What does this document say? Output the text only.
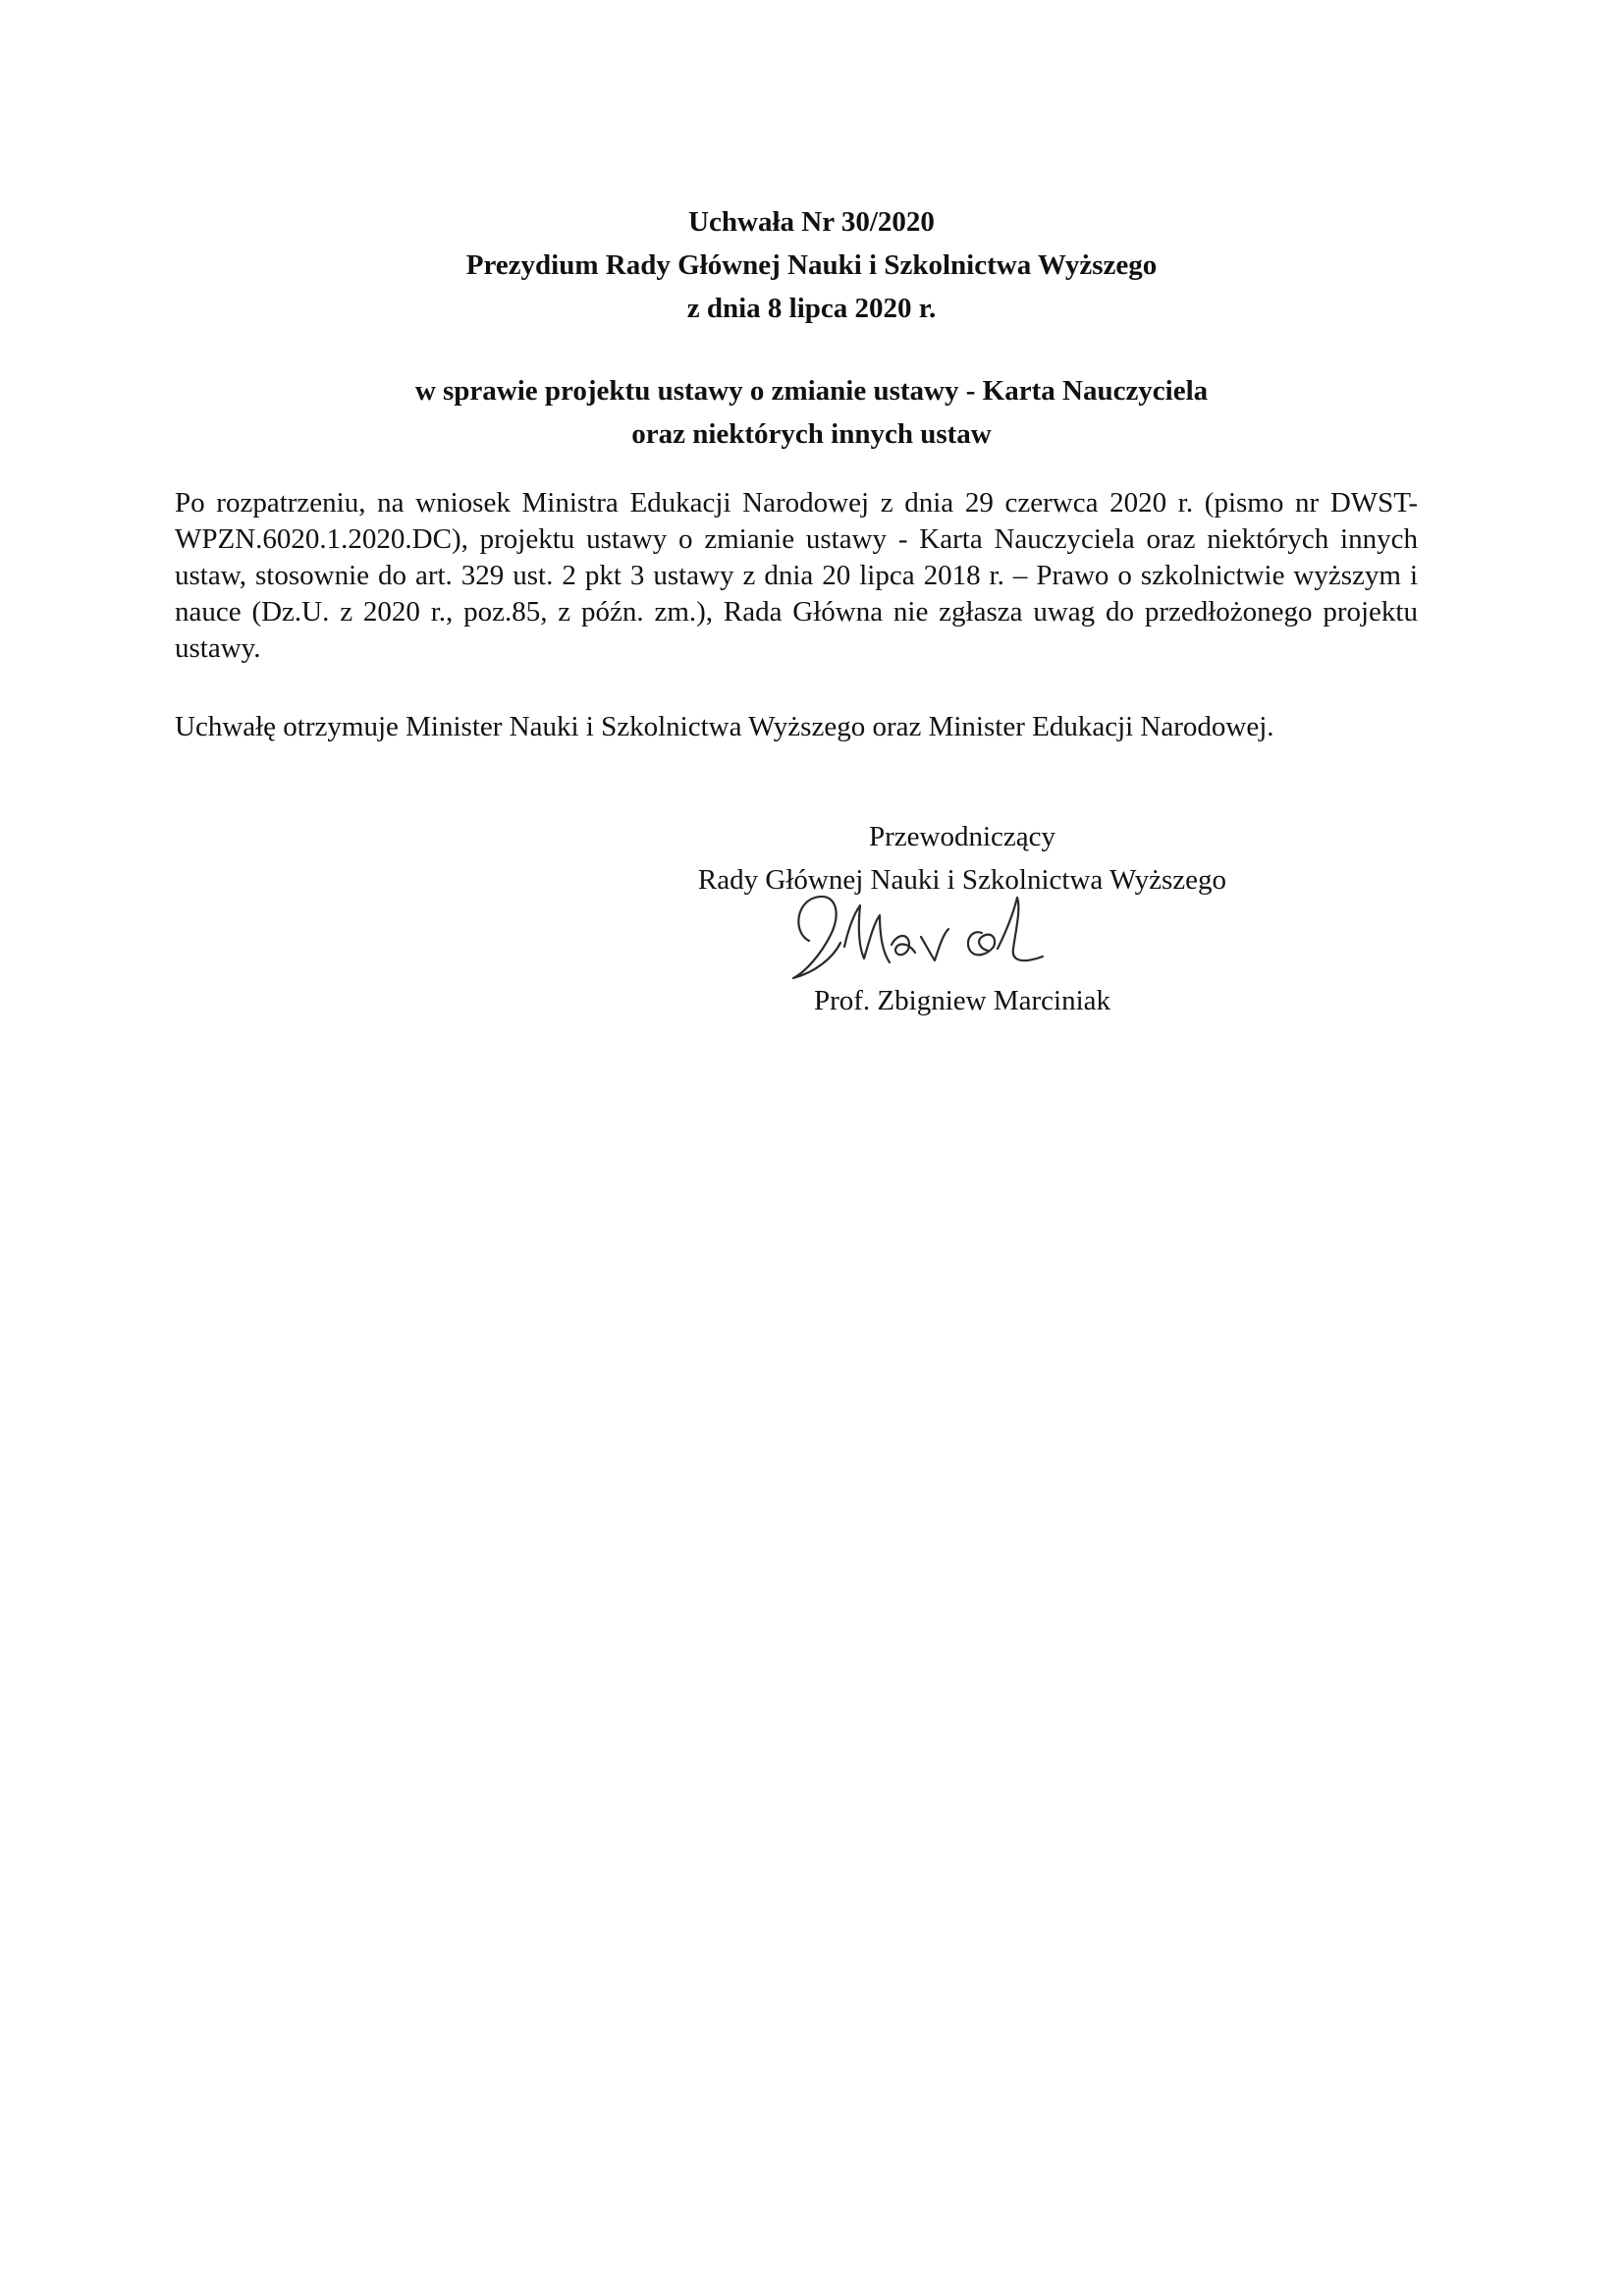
Uchwała Nr 30/2020
Prezydium Rady Głównej Nauki i Szkolnictwa Wyższego
z dnia 8 lipca 2020 r.
w sprawie projektu ustawy o zmianie ustawy - Karta Nauczyciela
oraz niektórych innych ustaw

Po rozpatrzeniu, na wniosek Ministra Edukacji Narodowej z dnia 29 czerwca 2020 r. (pismo nr DWST-WPZN.6020.1.2020.DC), projektu ustawy o zmianie ustawy - Karta Nauczyciela oraz niektórych innych ustaw, stosownie do art. 329 ust. 2 pkt 3 ustawy z dnia 20 lipca 2018 r. – Prawo o szkolnictwie wyższym i nauce (Dz.U. z 2020 r., poz.85, z późn. zm.), Rada Główna nie zgłasza uwag do przedłożonego projektu ustawy.

Uchwałę otrzymuje Minister Nauki i Szkolnictwa Wyższego oraz Minister Edukacji Narodowej.

Przewodniczący
Rady Głównej Nauki i Szkolnictwa Wyższego
Prof. Zbigniew Marciniak
